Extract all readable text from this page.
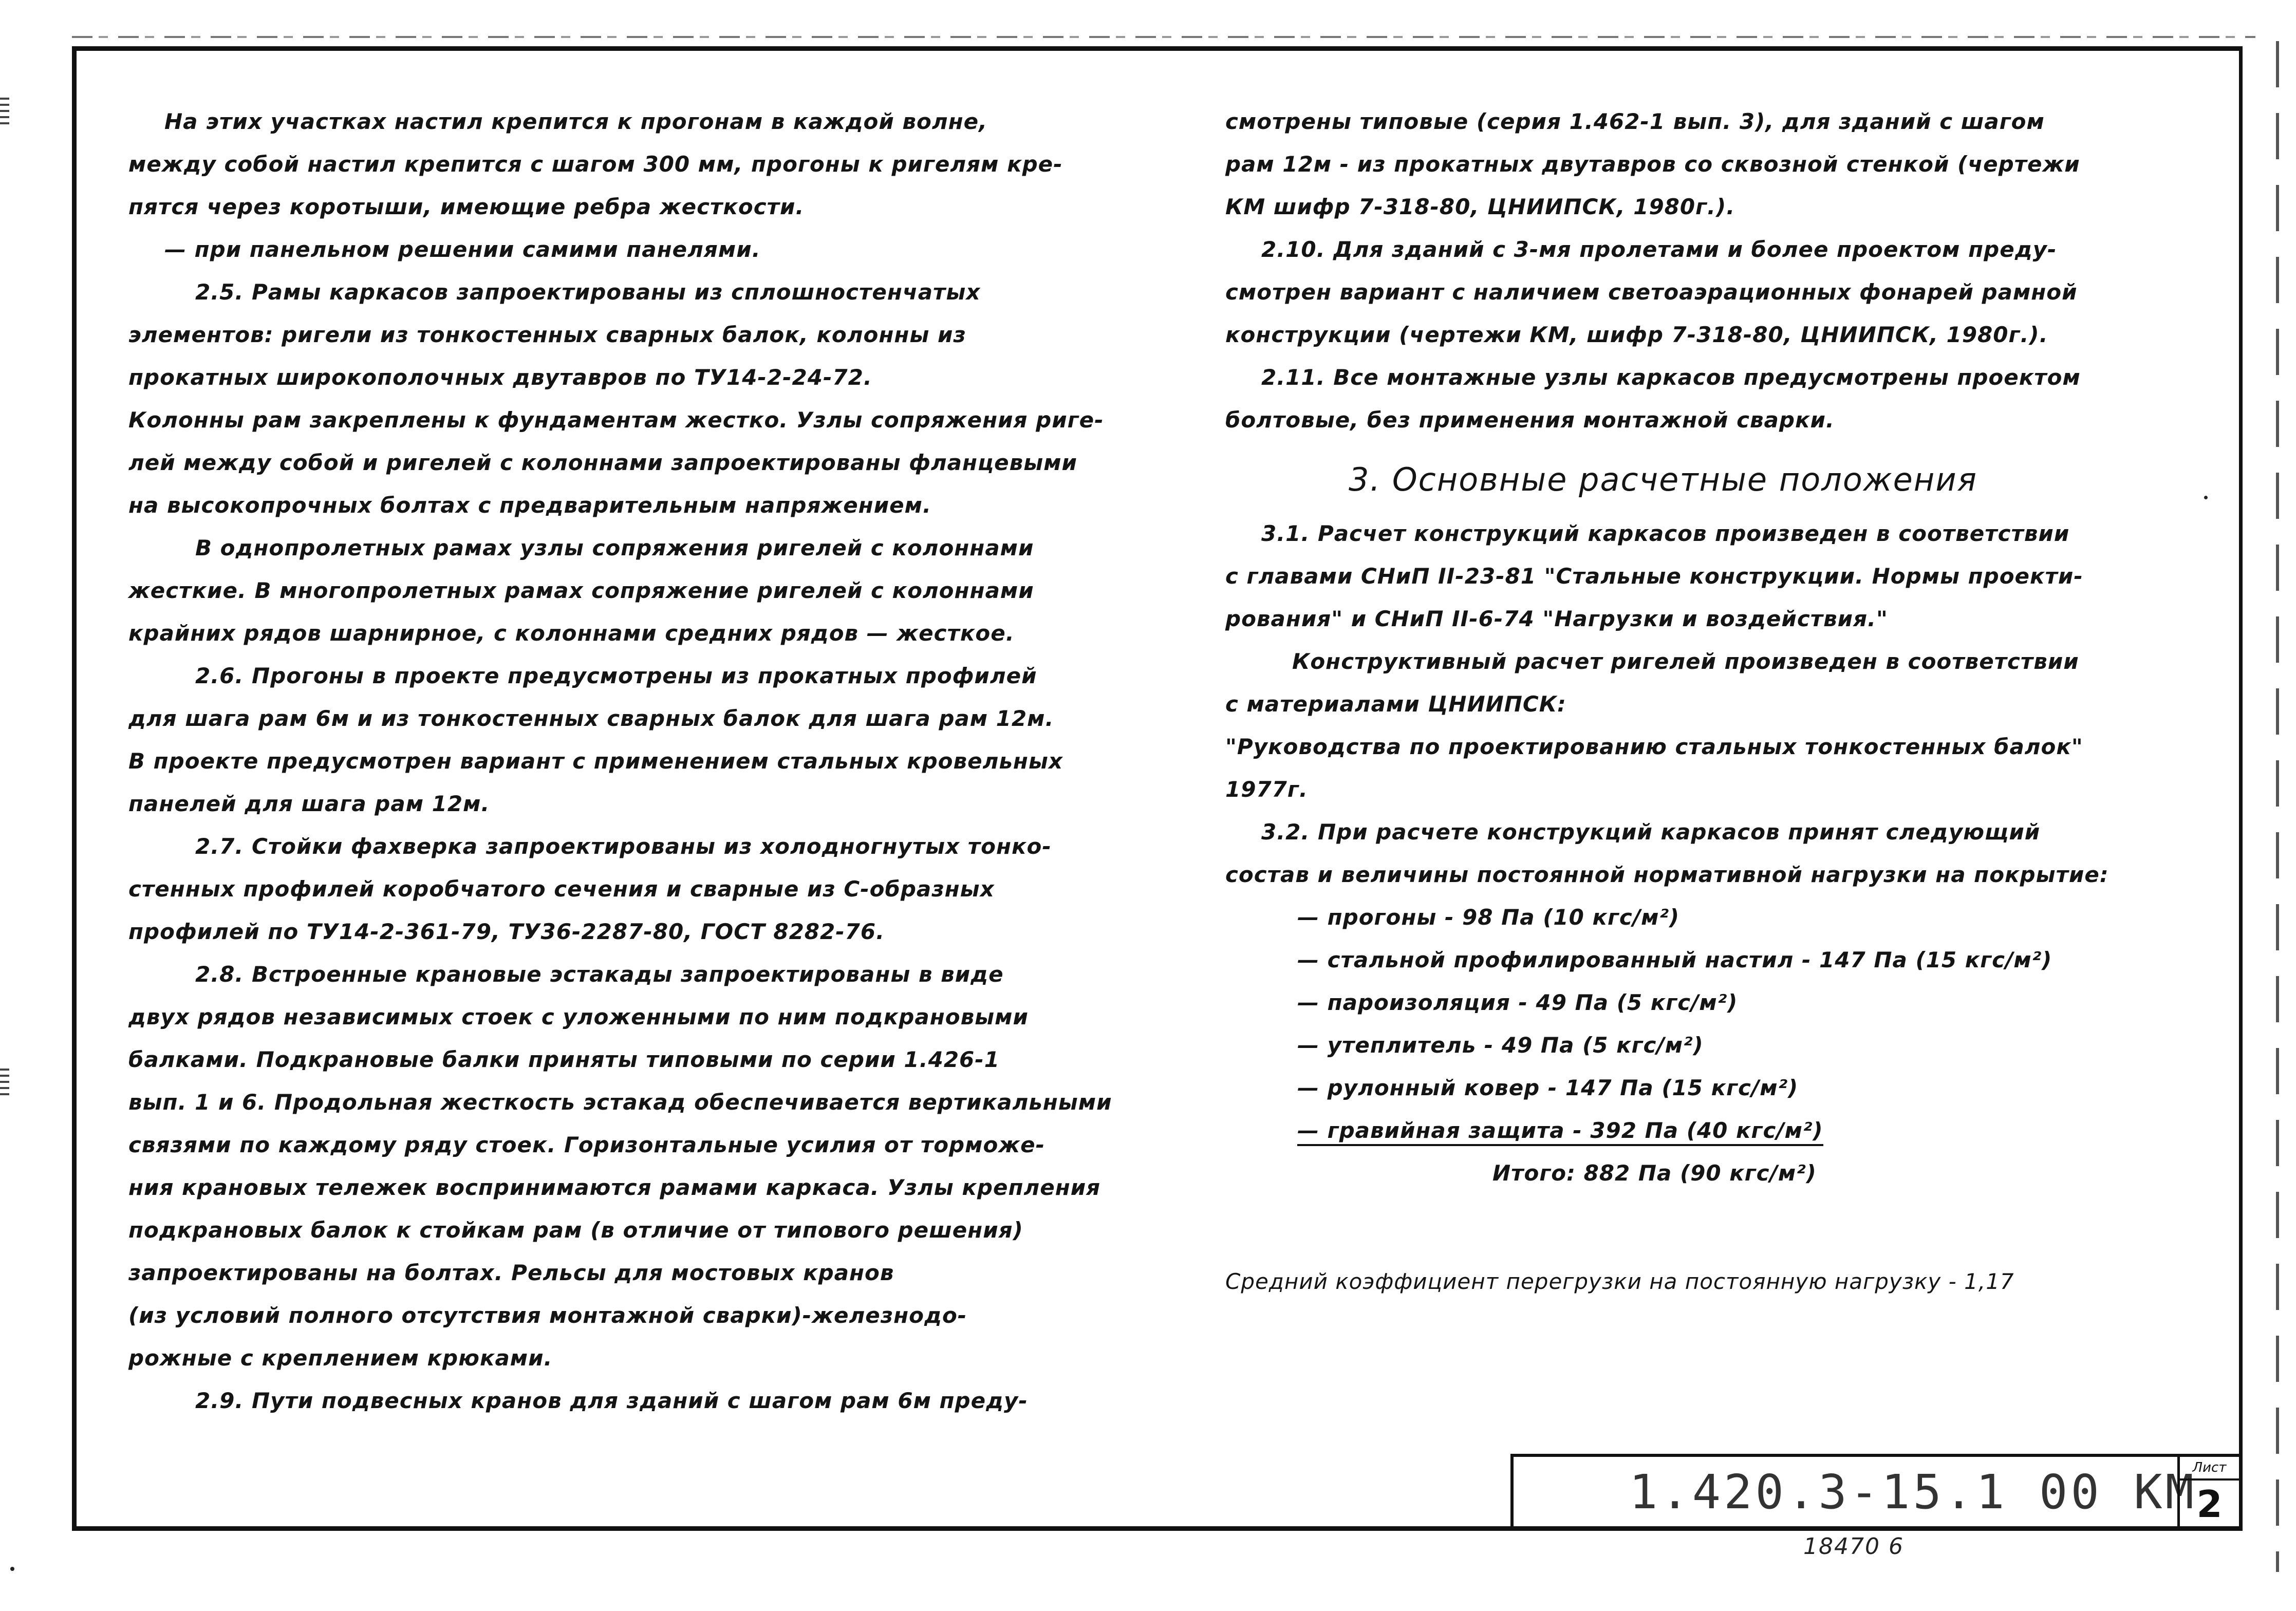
На этих участках настил крепится к прогонам в каждой волне,
между собой настил крепится с шагом 300 мм, прогоны к ригелям кре-
пятся через коротыши, имеющие ребра жесткости.
— при панельном решении самими панелями.
2.5. Рамы каркасов запроектированы из сплошностенчатых
элементов: ригели из тонкостенных сварных балок, колонны из
прокатных широкополочных двутавров по ТУ14-2-24-72.
Колонны рам закреплены к фундаментам жестко. Узлы сопряжения риге-
лей между собой и ригелей с колоннами запроектированы фланцевыми
на высокопрочных болтах с предварительным напряжением.
В однопролетных рамах узлы сопряжения ригелей с колоннами
жесткие. В многопролетных рамах сопряжение ригелей с колоннами
крайних рядов шарнирное, с колоннами средних рядов — жесткое.
2.6. Прогоны в проекте предусмотрены из прокатных профилей
для шага рам 6м и из тонкостенных сварных балок для шага рам 12м.
В проекте предусмотрен вариант с применением стальных кровельных
панелей для шага рам 12м.
2.7. Стойки фахверка запроектированы из холодногнутых тонко-
стенных профилей коробчатого сечения и сварные из С-образных
профилей по ТУ14-2-361-79, ТУ36-2287-80, ГОСТ 8282-76.
2.8. Встроенные крановые эстакады запроектированы в виде
двух рядов независимых стоек с уложенными по ним подкрановыми
балками. Подкрановые балки приняты типовыми по серии 1.426-1
вып. 1 и 6. Продольная жесткость эстакад обеспечивается вертикальными
связями по каждому ряду стоек. Горизонтальные усилия от торможе-
ния крановых тележек воспринимаются рамами каркаса. Узлы крепления
подкрановых балок к стойкам рам (в отличие от типового решения)
запроектированы на болтах. Рельсы для мостовых кранов
(из условий полного отсутствия монтажной сварки)-железнодо-
рожные с креплением крюками.
2.9. Пути подвесных кранов для зданий с шагом рам 6м преду-
смотрены типовые (серия 1.462-1 вып. 3), для зданий с шагом
рам 12м - из прокатных двутавров со сквозной стенкой (чертежи
КМ шифр 7-318-80, ЦНИИПСК, 1980г.).
2.10. Для зданий с 3-мя пролетами и более проектом преду-
смотрен вариант с наличием светоаэрационных фонарей рамной
конструкции (чертежи КМ, шифр 7-318-80, ЦНИИПСК, 1980г.).
2.11. Все монтажные узлы каркасов предусмотрены проектом
болтовые, без применения монтажной сварки.
3. Основные расчетные положения
3.1. Расчет конструкций каркасов произведен в соответствии
с главами СНиП II-23-81 "Стальные конструкции. Нормы проекти-
рования" и СНиП II-6-74 "Нагрузки и воздействия."
Конструктивный расчет ригелей произведен в соответствии
с материалами ЦНИИПСК:
"Руководства по проектированию стальных тонкостенных балок"
1977г.
3.2. При расчете конструкций каркасов принят следующий
состав и величины постоянной нормативной нагрузки на покрытие:
— прогоны - 98 Па (10 кгс/м²)
— стальной профилированный настил - 147 Па (15 кгс/м²)
— пароизоляция - 49 Па (5 кгс/м²)
— утеплитель - 49 Па (5 кгс/м²)
— рулонный ковер - 147 Па (15 кгс/м²)
— гравийная защита - 392 Па (40 кгс/м²)
Итого: 882 Па (90 кгс/м²)
Средний коэффициент перегрузки на постоянную нагрузку - 1,17
1.420.3-15.1 00 КМ
Лист
2
18470 6
